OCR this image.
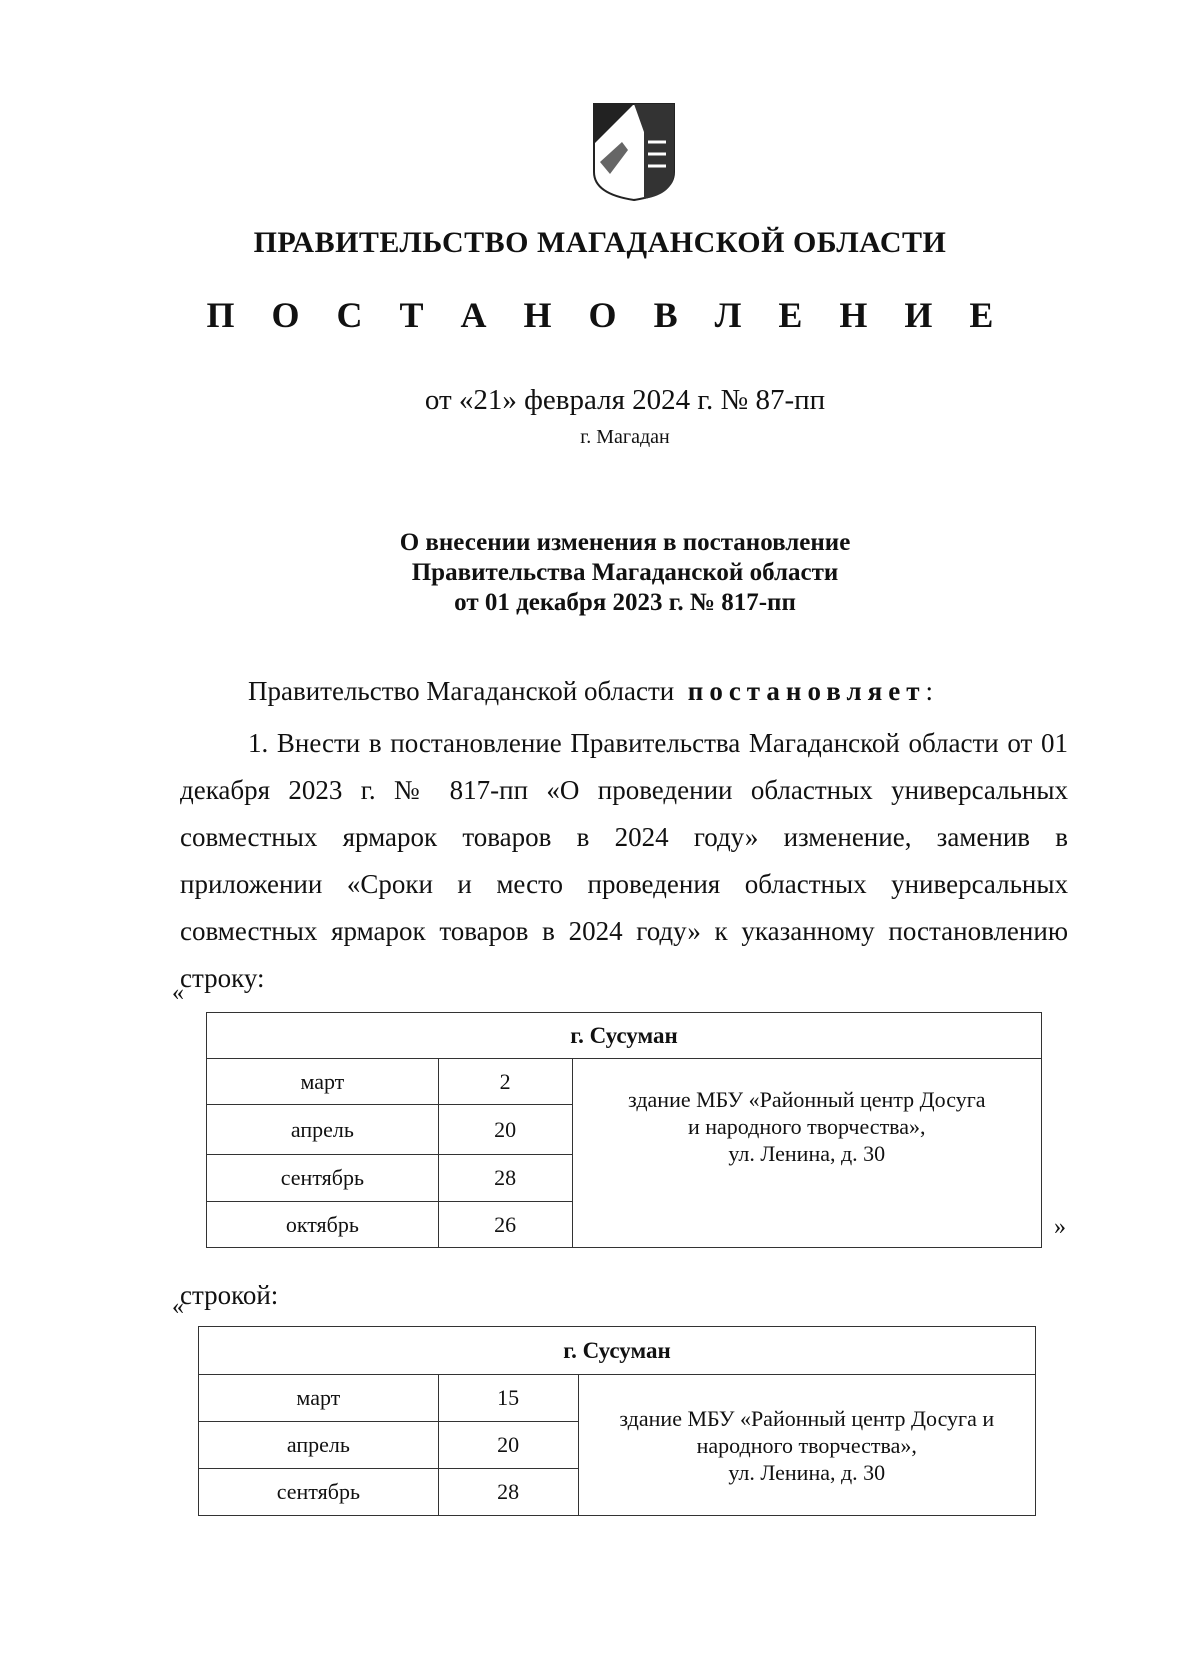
ПРАВИТЕЛЬСТВО МАГАДАНСКОЙ ОБЛАСТИ
П О С Т А Н О В Л Е Н И Е
от «21» февраля 2024 г. № 87-пп
г. Магадан
О внесении изменения в постановление
Правительства Магаданской области
от 01 декабря 2023 г. № 817-пп
Правительство Магаданской области постановляет:
1. Внести в постановление Правительства Магаданской области от 01 декабря 2023 г. № 817-пп «О проведении областных универсальных совместных ярмарок товаров в 2024 году» изменение, заменив в приложении «Сроки и место проведения областных универсальных совместных ярмарок товаров в 2024 году» к указанному постановлению строку:
«
г. Сусуман		
март	2	здание МБУ «Районный центр Досуга
и народного творчества»,
ул. Ленина, д. 30

апрель	20	
сентябрь	28	
октябрь	26		»
строкой:
«
г. Сусуман		
март	15	здание МБУ «Районный центр Досуга и
народного творчества»,
ул. Ленина, д. 30

апрель	20	
сентябрь	28	
